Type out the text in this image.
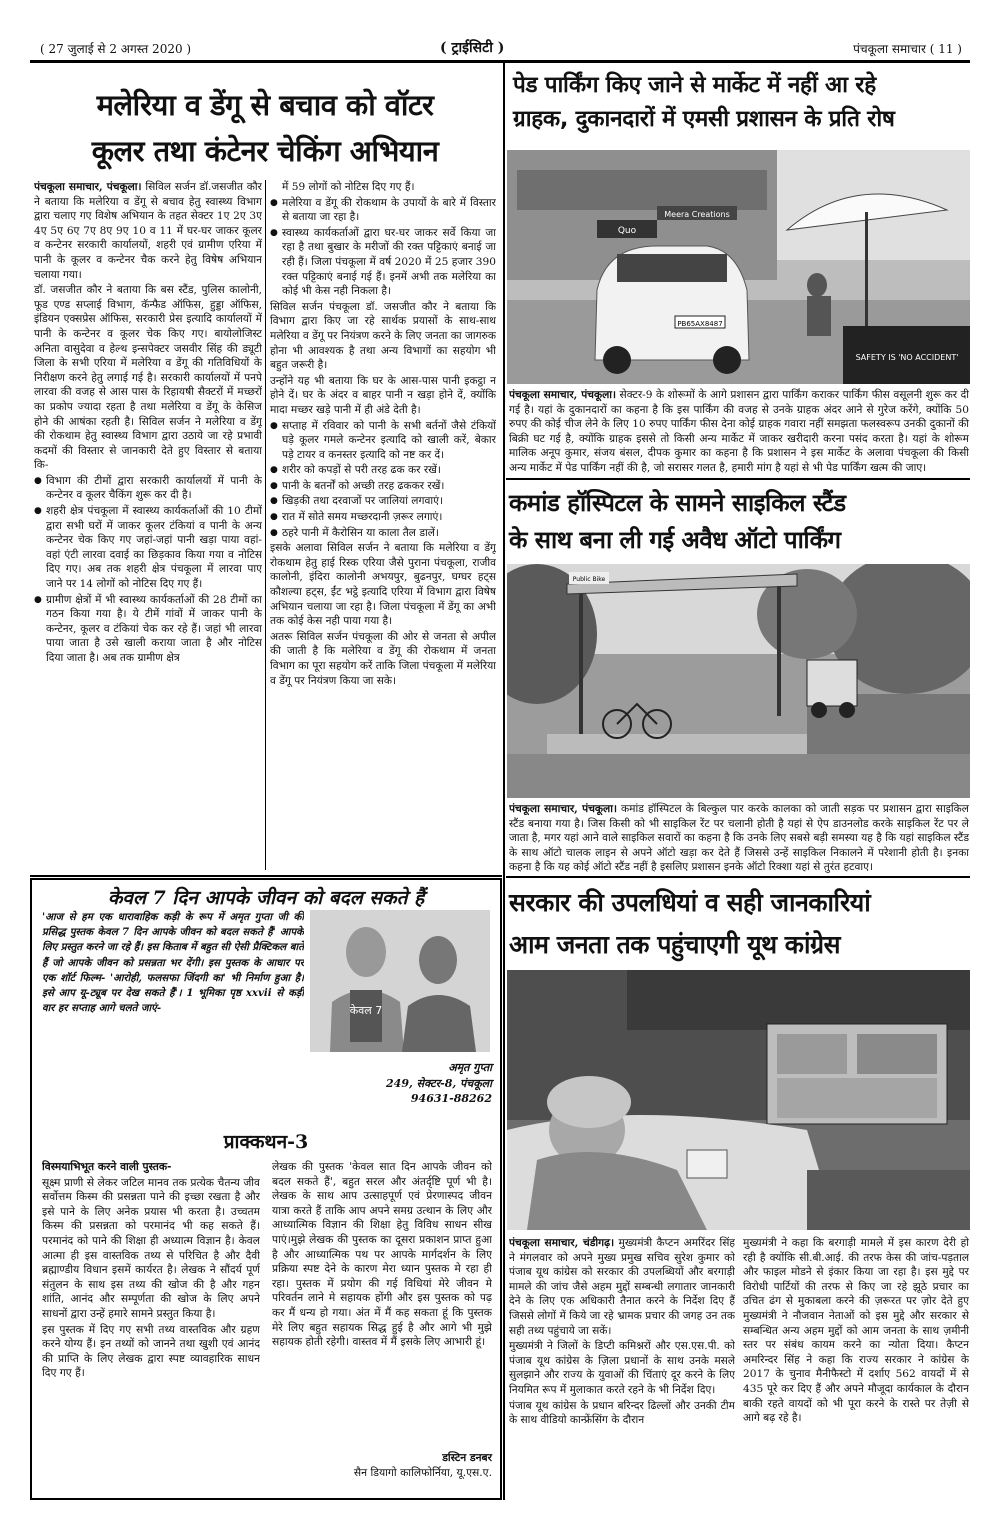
( 27 जुलाई से 2 अगस्त 2020 )	( ट्राईसिटी )	पंचकूला समाचार ( 11 )
मलेरिया व डेंगू से बचाव को वॉटर
कूलर तथा कंटेनर चेकिंग अभियान

पंचकूला समाचार, पंचकूला। सिविल सर्जन डॉ.जसजीत कौर ने बताया कि मलेरिया व डेंगू से बचाव हेतु स्वास्थ्य विभाग द्वारा चलाए गए विशेष अभियान के तहत सेक्टर 1ए 2ए 3ए 4ए 5ए 6ए 7ए 8ए 9ए 10 व 11 में घर-घर जाकर कूलर व कन्टेनर सरकारी कार्यालयों, शहरी एवं ग्रामीण एरिया में पानी के कूलर व कन्टेनर चैक करने हेतु विषेष अभियान चलाया गया।

डॉ. जसजीत कौर ने बताया कि बस स्टैंड, पुलिस कालोनी, फूड एण्ड सप्लाई विभाग, कॅन्फैड ऑफिस, हुड्डा ऑफिस, इंडियन एक्सप्रेस ऑफिस, सरकारी प्रेस इत्यादि कार्यालयों में पानी के कन्टेनर व कूलर चेक किए गए। बायोलोजिस्ट अनिता वासुदेवा व हेल्थ इन्सपेक्टर जसवीर सिंह की ड्यूटी जिला के सभी एरिया में मलेरिया व डेंगू की गतिविधियों के निरीक्षण करने हेतु लगाई गई है। सरकारी कार्यालयों में पनपे लारवा की वजह से आस पास के रिहायषी सैक्टरों में मच्छरों का प्रकोप ज्यादा रहता है तथा मलेरिया व डेंगू के केसिज होने की आषंका रहती है। सिविल सर्जन ने मलेरिया व डेंगू की रोकथाम हेतु स्वास्थ्य विभाग द्वारा उठाये जा रहे प्रभावी कदमों की विस्तार से जानकारी देते हुए विस्तार से बताया कि-

● विभाग की टीमों द्वारा सरकारी कार्यालयों में पानी के कन्टेनर व कूलर चैकिंग शुरू कर दी है।
● शहरी क्षेत्र पंचकूला में स्वास्थ्य कार्यकर्ताओं की 10 टीमों द्वारा सभी घरों में जाकर कूलर टंकियां व पानी के अन्य कन्टेनर चेक किए गए जहां-जहां पानी खड़ा पाया वहां-वहां एंटी लारवा दवाई का छिड़काव किया गया व नोटिस दिए गए। अब तक शहरी क्षेत्र पंचकूला में लारवा पाए जाने पर 14 लोगों को नोटिस दिए गए हैं।
● ग्रामीण क्षेत्रों में भी स्वास्थ्य कार्यकर्ताओं की 28 टीमों का गठन किया गया है। ये टीमें गांवों में जाकर पानी के कन्टेनर, कूलर व टंकियां चेक कर रहे हैं। जहां भी लारवा पाया जाता है उसे खाली कराया जाता है और नोटिस दिया जाता है। अब तक ग्रामीण क्षेत्र

में 59 लोगों को नोटिस दिए गए हैं।

● मलेरिया व डेंगू की रोकथाम के उपायों के बारे में विस्तार से बताया जा रहा है।
● स्वास्थ्य कार्यकर्ताओं द्वारा घर-घर जाकर सर्वे किया जा रहा है तथा बुखार के मरीजों की रक्त पट्टिकाएं बनाई जा रही हैं। जिला पंचकूला में वर्ष 2020 में 25 हजार 390 रक्त पट्टिकाएं बनाई गई हैं। इनमें अभी तक मलेरिया का कोई भी केस नही निकला है।

सिविल सर्जन पंचकूला डॉ. जसजीत कौर ने बताया कि विभाग द्वारा किए जा रहे सार्थक प्रयासों के साथ-साथ मलेरिया व डेंगू पर नियंत्रण करने के लिए जनता का जागरुक होना भी आवश्यक है तथा अन्य विभागों का सहयोग भी बहुत जरूरी है।

उन्होंने यह भी बताया कि घर के आस-पास पानी इकट्ठा न होने दें। घर के अंदर व बाहर पानी न खड़ा होने दें, क्योंकि मादा मच्छर खड़े पानी में ही अंडे देती है।

● सप्ताह में रविवार को पानी के सभी बर्तनों जैसे टंकियों घड़े कूलर गमले कन्टेनर इत्यादि को खाली करें, बेकार पड़े टायर व कनस्तर इत्यादि को नष्ट कर दें।
● शरीर को कपड़ों से परी तरह ढक कर रखें।
● पानी के बतर्नों को अच्छी तरह ढककर रखें।
● खिड़की तथा दरवाजों पर जालियां लगवाएं।
● रात में सोते समय मच्छरदानी ज़रूर लगाएं।
● ठहरे पानी में कैरोसिन या काला तैल डालें।

इसके अलावा सिविल सर्जन ने बताया कि मलेरिया व डेंगू रोकथाम हेतु हाई रिस्क एरिया जैसे पुराना पंचकूला, राजीव कालोनी, इंदिरा कालोनी अभयपुर, बुढनपुर, घग्घर हट्स कौशल्या हट्स, ईंट भट्ठे इत्यादि एरिया में विभाग द्वारा विषेष अभियान चलाया जा रहा है। जिला पंचकूला में डेंगू का अभी तक कोई केस नही पाया गया है।

अतरू सिविल सर्जन पंचकूला की ओर से जनता से अपील की जाती है कि मलेरिया व डेंगू की रोकथाम में जनता विभाग का पूरा सहयोग करें ताकि जिला पंचकूला में मलेरिया व डेंगू पर नियंत्रण किया जा सके।

केवल 7 दिन आपके जीवन को बदल सकते हैं
'आज से हम एक धारावाहिक कड़ी के रूप में अमृत गुप्ता जी की प्रसिद्ध पुस्तक केवल 7 दिन आपके जीवन को बदल सकते हैं' आपके लिए प्रस्तुत करने जा रहे हैं। इस किताब में बहुत सी ऐसी प्रैक्टिकल बातें हैं जो आपके जीवन को प्रसन्नता भर देंगी। इस पुस्तक के आधार पर एक शॉर्ट फिल्म- 'आरोही, फलसफा जिंदगी का' भी निर्माण हुआ है। इसे आप यू-ट्यूब पर देख सकते हैं'। 1 भूमिका पृष्ठ xxvii से कड़ी वार हर सप्ताह आगे चलते जाएं-	केवल 7
अमृत गुप्ता
249, सेक्टर-8, पंचकूला
94631-88262
प्राक्कथन-3

विस्मयाभिभूत करने वाली पुस्तक-

सूक्ष्म प्राणी से लेकर जटिल मानव तक प्रत्येक चैतन्य जीव सर्वोत्तम किस्म की प्रसन्नता पाने की इच्छा रखता है और इसे पाने के लिए अनेक प्रयास भी करता है। उच्चतम किस्म की प्रसन्नता को परमानंद भी कह सकते हैं। परमानंद को पाने की शिक्षा ही अध्यात्म विज्ञान है। केवल आत्मा ही इस वास्तविक तथ्य से परिचित है और दैवी ब्रह्माण्डीय विधान इसमें कार्यरत है। लेखक ने सौंदर्य पूर्ण संतुलन के साथ इस तथ्य की खोज की है और गहन शांति, आनंद और सम्पूर्णता की खोज के लिए अपने साधनों द्वारा उन्हें हमारे सामने प्रस्तुत किया है।

इस पुस्तक में दिए गए सभी तथ्य वास्तविक और ग्रहण करने योग्य हैं। इन तथ्यों को जानने तथा खुशी एवं आनंद की प्राप्ति के लिए लेखक द्वारा स्पष्ट व्यावहारिक साधन दिए गए हैं।

लेखक की पुस्तक 'केवल सात दिन आपके जीवन को बदल सकते हैं', बहुत सरल और अंतर्दृष्टि पूर्ण भी है। लेखक के साथ आप उत्साहपूर्ण एवं प्रेरणास्पद जीवन यात्रा करते हैं ताकि आप अपने समग्र उत्थान के लिए और आध्यात्मिक विज्ञान की शिक्षा हेतु विविध साधन सीख पाएं।मुझे लेखक की पुस्तक का दूसरा प्रकाशन प्राप्त हुआ है और आध्यात्मिक पथ पर आपके मार्गदर्शन के लिए प्रक्रिया स्पष्ट देने के कारण मेरा ध्यान पुस्तक मे रहा ही रहा। पुस्तक में प्रयोग की गई विधियां मेरे जीवन मे परिवर्तन लाने मे सहायक होंगी और इस पुस्तक को पढ़ कर मैं धन्य हो गया। अंत में मैं कह सकता हूं कि पुस्तक मेरे लिए बहुत सहायक सिद्ध हुई है और आगे भी मुझे सहायक होती रहेगी। वास्तव में मैं इसके लिए आभारी हूं।

डस्टिन डनबर
सैन डियागो कालिफोर्निया, यू.एस.ए.
पेड पार्किंग किए जाने से मार्केट में नहीं आ रहे
ग्राहक, दुकानदारों में एमसी प्रशासन के प्रति रोष
Quo
Meera Creations
PB65AX8487
SAFETY IS 'NO ACCIDENT'
पंचकूला समाचार, पंचकूला। सेक्टर-9 के शोरूमों के आगे प्रशासन द्वारा पार्किंग कराकर पार्किंग फीस वसूलनी शुरू कर दी गई है। यहां के दुकानदारों का कहना है कि इस पार्किंग की वजह से उनके ग्राहक अंदर आने से गुरेज करेंगे, क्योंकि 50 रुपए की कोई चीज लेने के लिए 10 रुपए पार्किंग फीस देना कोई ग्राहक गवारा नहीं समझता फलस्वरूप उनकी दुकानों की बिक्री घट गई है, क्योंकि ग्राहक इससे तो किसी अन्य मार्केट में जाकर खरीदारी करना पसंद करता है। यहां के शोरूम मालिक अनूप कुमार, संजय बंसल, दीपक कुमार का कहना है कि प्रशासन ने इस मार्केट के अलावा पंचकूला की किसी अन्य मार्केट में पेड पार्किंग नहीं की है, जो सरासर गलत है, हमारी मांग है यहां से भी पेड पार्किंग खत्म की जाए।
कमांड हॉस्पिटल के सामने साइकिल स्टैंड
के साथ बना ली गई अवैध ऑटो पार्किंग
Public Bike
पंचकूला समाचार, पंचकूला। कमांड हॉस्पिटल के बिल्कुल पार करके कालका को जाती सड़क पर प्रशासन द्वारा साइकिल स्टैंड बनाया गया है। जिस किसी को भी साइकिल रेंट पर चलानी होती है यहां से ऐप डाउनलोड करके साइकिल रेंट पर ले जाता है, मगर यहां आने वाले साइकिल सवारों का कहना है कि उनके लिए सबसे बड़ी समस्या यह है कि यहां साइकिल स्टैंड के साथ ऑटो चालक लाइन से अपने ऑटो खड़ा कर देते हैं जिससे उन्हें साइकिल निकालने में परेशानी होती है। इनका कहना है कि यह कोई ऑटो स्टैंड नहीं है इसलिए प्रशासन इनके ऑटो रिक्शा यहां से तुरंत हटवाए।
सरकार की उपलधियां व सही जानकारियां
आम जनता तक पहुंचाएगी यूथ कांग्रेस

पंचकूला समाचार, चंडीगढ़। मुख्यमंत्री कैप्टन अमरिंदर सिंह ने मंगलवार को अपने मुख्य प्रमुख सचिव सुरेश कुमार को पंजाब यूथ कांग्रेस को सरकार की उपलब्धियों और बरगाड़ी मामले की जांच जैसे अहम मुद्दों सम्बन्धी लगातार जानकारी देने के लिए एक अधिकारी तैनात करने के निर्देश दिए हैं जिससे लोगों में किये जा रहे भ्रामक प्रचार की जगह उन तक सही तथ्य पहुंचाये जा सकें।

मुख्यमंत्री ने जिलों के डिप्टी कमिश्नरों और एस.एस.पी. को पंजाब यूथ कांग्रेस के ज़िला प्रधानों के साथ उनके मसले सुलझाने और राज्य के युवाओं की चिंताएं दूर करने के लिए नियमित रूप में मुलाकात करते रहने के भी निर्देश दिए।

पंजाब यूथ कांग्रेस के प्रधान बरिन्दर ढिल्लों और उनकी टीम के साथ वीडियो कान्फ्रेंसिंग के दौरान

मुख्यमंत्री ने कहा कि बरगाड़ी मामले में इस कारण देरी हो रही है क्योंकि सी.बी.आई. की तरफ केस की जांच-पड़ताल और फाइल मोडने से इंकार किया जा रहा है। इस मुद्दे पर विरोधी पार्टियों की तरफ से किए जा रहे झूठे प्रचार का उचित ढंग से मुकाबला करने की ज़रूरत पर ज़ोर देते हुए मुख्यमंत्री ने नौजवान नेताओं को इस मुद्दे और सरकार से सम्बन्धित अन्य अहम मुद्दों को आम जनता के साथ ज़मीनी स्तर पर संबंध कायम करने का न्योता दिया। कैप्टन अमरिन्दर सिंह ने कहा कि राज्य सरकार ने कांग्रेस के 2017 के चुनाव मैनीफैस्टो में दर्शाए 562 वायदों में से 435 पूरे कर दिए हैं और अपने मौजूदा कार्यकाल के दौरान बाकी रहते वायदों को भी पूरा करने के रास्ते पर तेज़ी से आगे बढ़ रहे है।
